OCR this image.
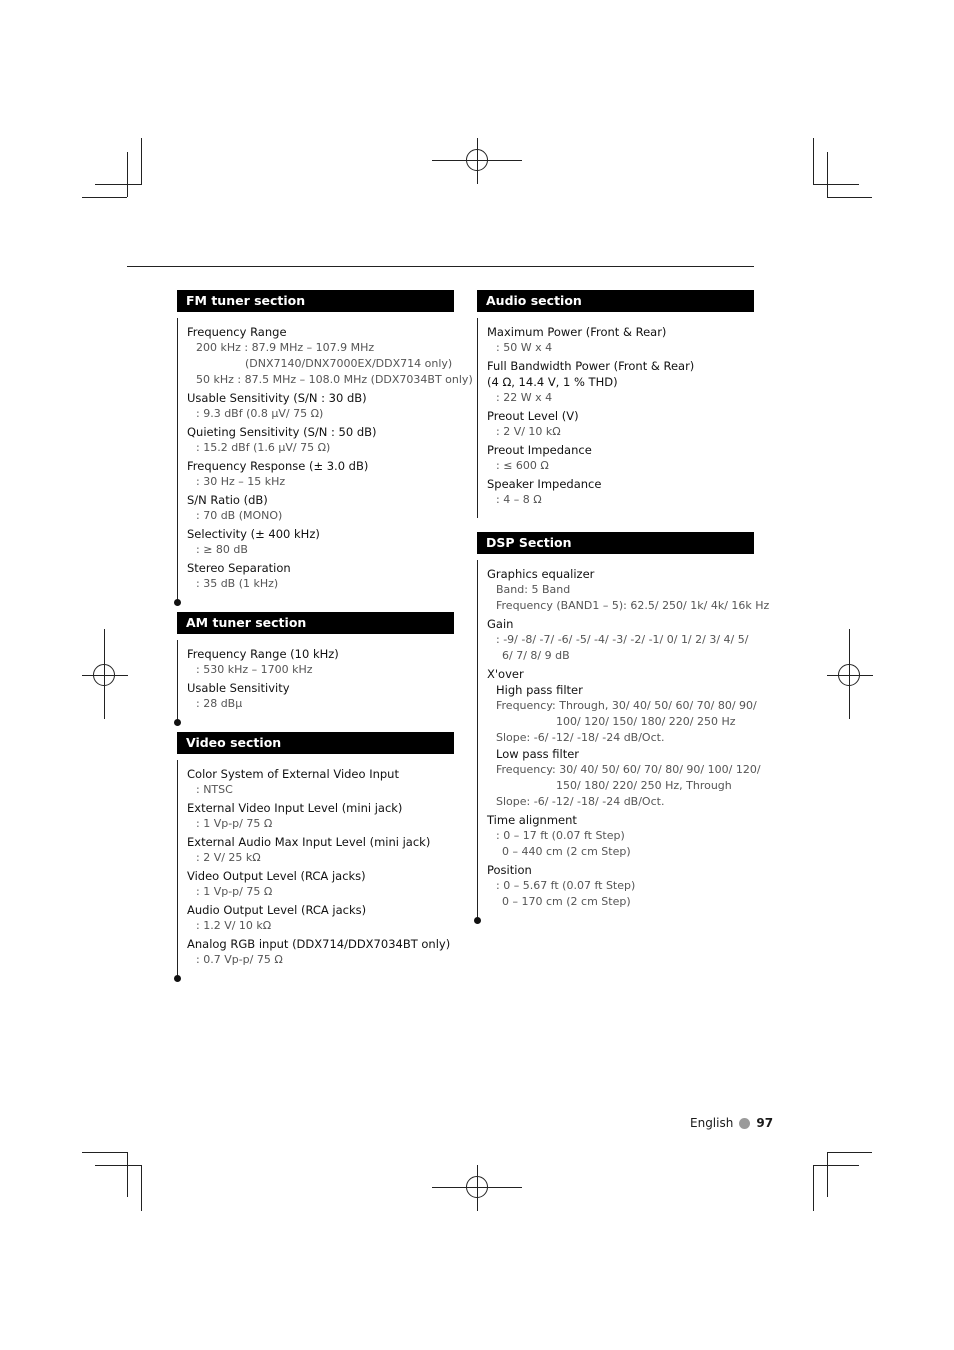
FM tuner section
Frequency Range
200 kHz : 87.9 MHz – 107.9 MHz
(DNX7140/DNX7000EX/DDX714 only)
50 kHz : 87.5 MHz – 108.0 MHz (DDX7034BT only)
Usable Sensitivity (S/N : 30 dB)
: 9.3 dBf (0.8 μV/ 75 Ω)
Quieting Sensitivity (S/N : 50 dB)
: 15.2 dBf (1.6 μV/ 75 Ω)
Frequency Response (± 3.0 dB)
: 30 Hz – 15 kHz
S/N Ratio (dB)
: 70 dB (MONO)
Selectivity (± 400 kHz)
: ≥ 80 dB
Stereo Separation
: 35 dB (1 kHz)
AM tuner section
Frequency Range (10 kHz)
: 530 kHz – 1700 kHz
Usable Sensitivity
: 28 dBμ
Video section
Color System of External Video Input
: NTSC
External Video Input Level (mini jack)
: 1 Vp-p/ 75 Ω
External Audio Max Input Level (mini jack)
: 2 V/ 25 kΩ
Video Output Level (RCA jacks)
: 1 Vp-p/ 75 Ω
Audio Output Level (RCA jacks)
: 1.2 V/ 10 kΩ
Analog RGB input (DDX714/DDX7034BT only)
: 0.7 Vp-p/ 75 Ω
Audio section
Maximum Power (Front & Rear)
: 50 W x 4
Full Bandwidth Power (Front & Rear)
(4 Ω, 14.4 V, 1 % THD)
: 22 W x 4
Preout Level (V)
: 2 V/ 10 kΩ
Preout Impedance
: ≤ 600 Ω
Speaker Impedance
: 4 – 8 Ω
DSP Section
Graphics equalizer
Band: 5 Band
Frequency (BAND1 – 5): 62.5/ 250/ 1k/ 4k/ 16k Hz
Gain
: -9/ -8/ -7/ -6/ -5/ -4/ -3/ -2/ -1/ 0/ 1/ 2/ 3/ 4/ 5/
6/ 7/ 8/ 9 dB
X'over
High pass filter
Frequency: Through, 30/ 40/ 50/ 60/ 70/ 80/ 90/
100/ 120/ 150/ 180/ 220/ 250 Hz
Slope: -6/ -12/ -18/ -24 dB/Oct.
Low pass filter
Frequency: 30/ 40/ 50/ 60/ 70/ 80/ 90/ 100/ 120/
150/ 180/ 220/ 250 Hz, Through
Slope: -6/ -12/ -18/ -24 dB/Oct.
Time alignment
: 0 – 17 ft (0.07 ft Step)
0 – 440 cm (2 cm Step)
Position
: 0 – 5.67 ft (0.07 ft Step)
0 – 170 cm (2 cm Step)
English 97
